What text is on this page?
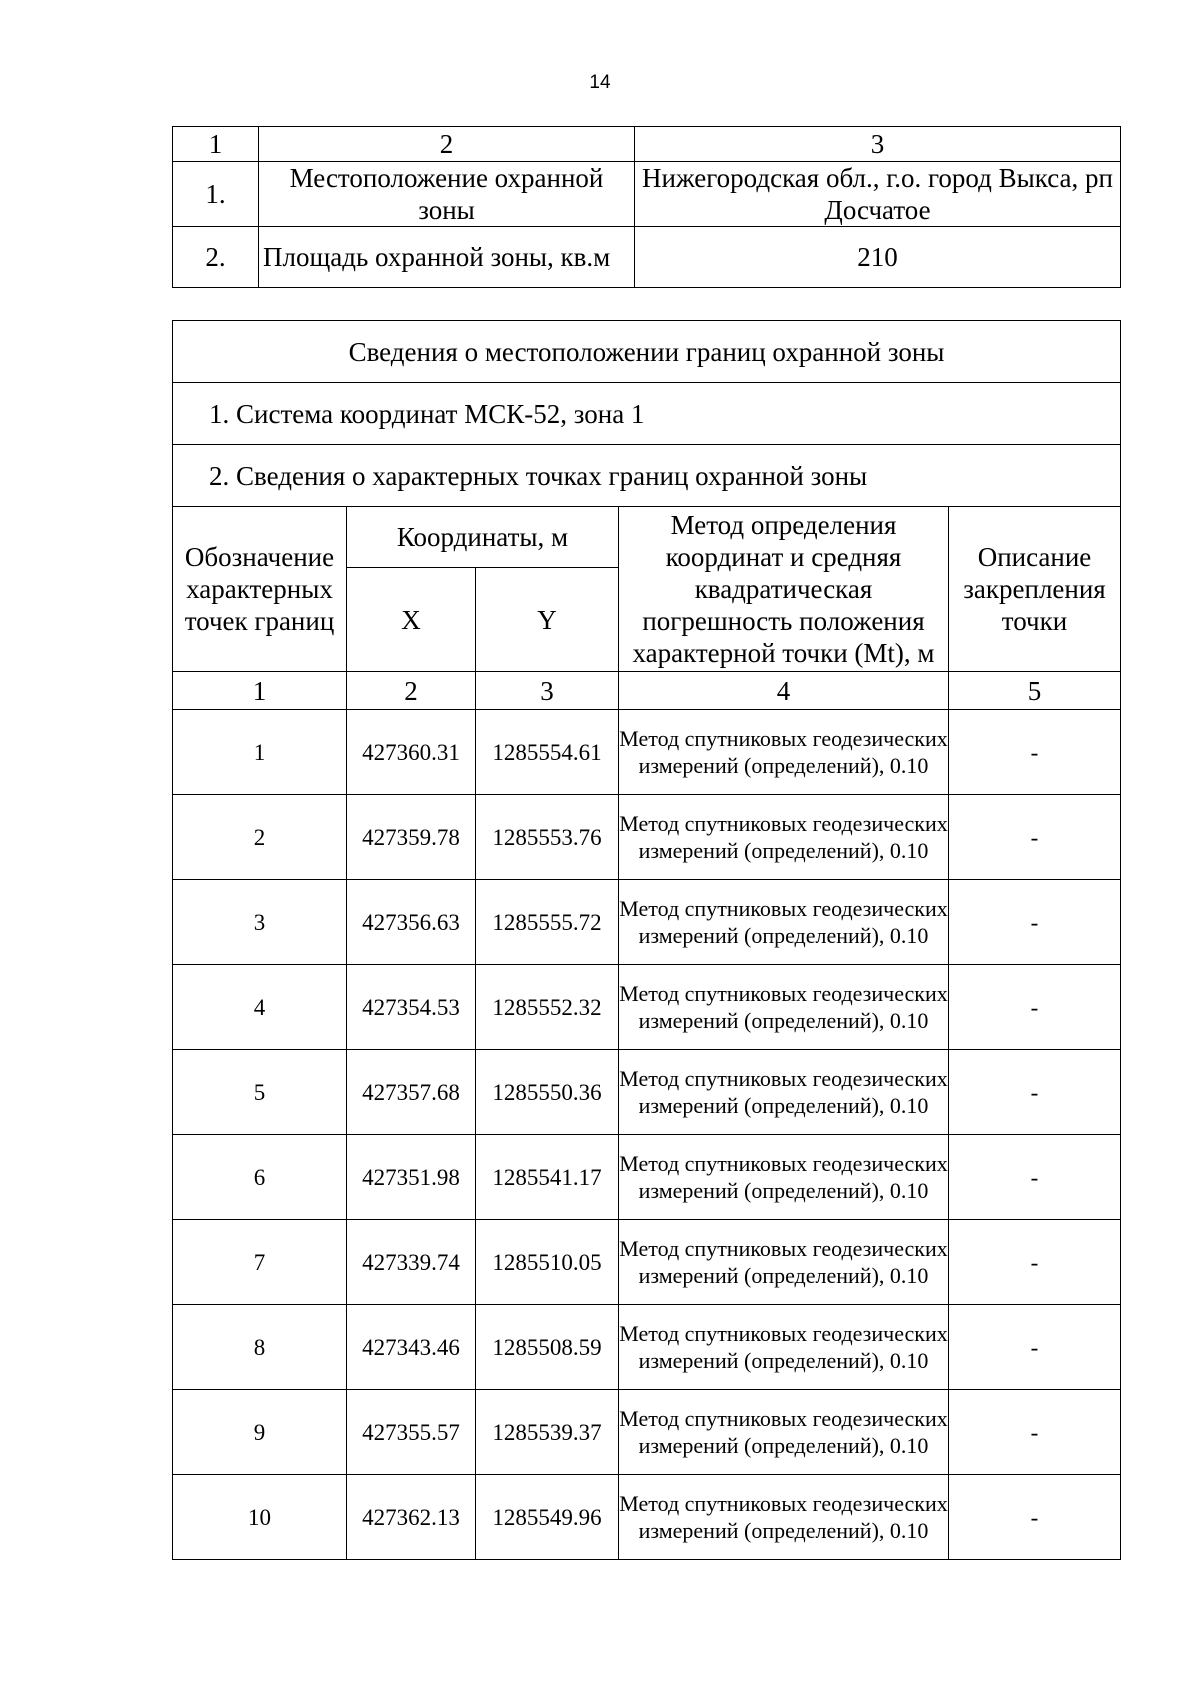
14
1	2	3
1.	Местоположение охранной зоны	Нижегородская обл., г.о. город Выкса, рп Досчатое
2.	Площадь охранной зоны, кв.м	210
Сведения о местоположении границ охранной зоны				
1. Система координат МСК-52, зона 1				
2. Сведения о характерных точках границ охранной зоны				
Обозначение характерных точек границ	Координаты, м		Метод определения координат и средняя квадратическая погрешность положения характерной точки (Mt), м	Описание закрепления точки
	X	Y		
1	2	3	4	5
1	427360.31	1285554.61	Метод спутниковых геодезических измерений (определений), 0.10	-
2	427359.78	1285553.76	Метод спутниковых геодезических измерений (определений), 0.10	-
3	427356.63	1285555.72	Метод спутниковых геодезических измерений (определений), 0.10	-
4	427354.53	1285552.32	Метод спутниковых геодезических измерений (определений), 0.10	-
5	427357.68	1285550.36	Метод спутниковых геодезических измерений (определений), 0.10	-
6	427351.98	1285541.17	Метод спутниковых геодезических измерений (определений), 0.10	-
7	427339.74	1285510.05	Метод спутниковых геодезических измерений (определений), 0.10	-
8	427343.46	1285508.59	Метод спутниковых геодезических измерений (определений), 0.10	-
9	427355.57	1285539.37	Метод спутниковых геодезических измерений (определений), 0.10	-
10	427362.13	1285549.96	Метод спутниковых геодезических измерений (определений), 0.10	-
